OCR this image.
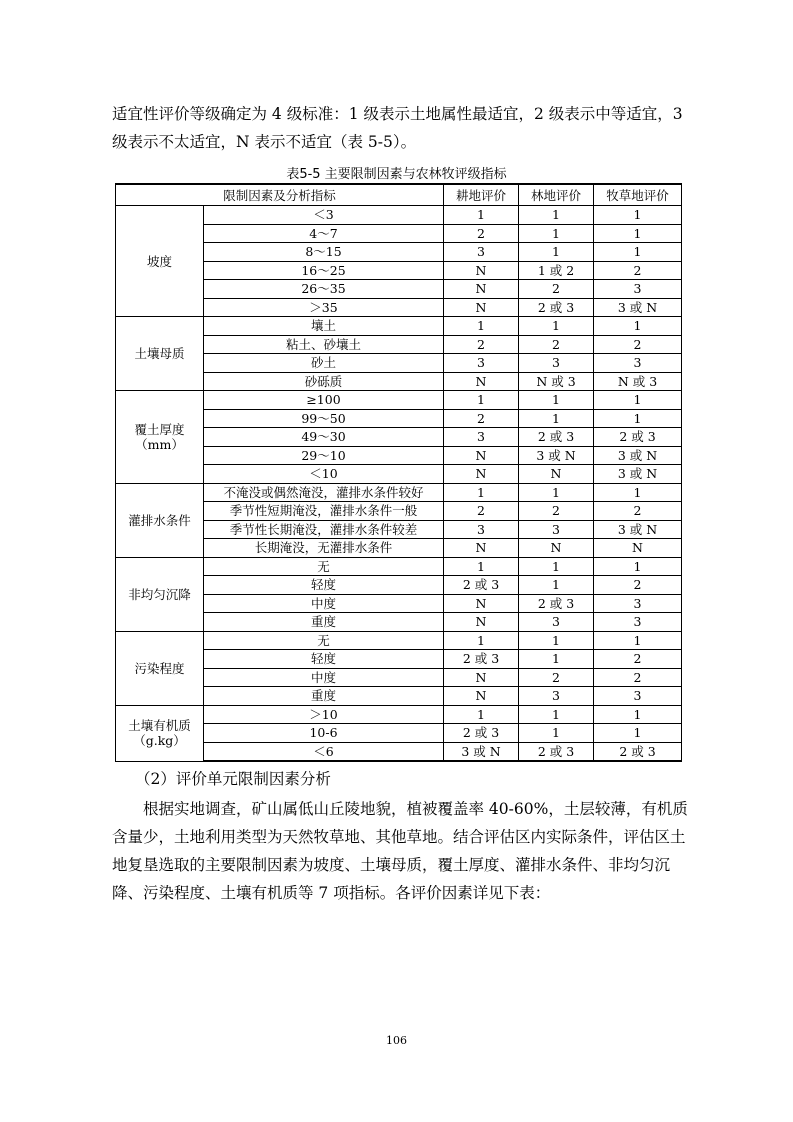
适宜性评价等级确定为 4 级标准：1 级表示土地属性最适宜，2 级表示中等适宜，3 级表示不太适宜，N 表示不适宜（表 5-5）。

表5-5 主要限制因素与农林牧评级指标
限制因素及分析指标		耕地评价	林地评价	牧草地评价
坡度	＜3	1	1	1
	4～7	2	1	1
	8～15	3	1	1
	16～25	N	1 或 2	2
	26～35	N	2	3
	＞35	N	2 或 3	3 或 N
土壤母质	壤土	1	1	1
	粘土、砂壤土	2	2	2
	砂土	3	3	3
	砂砾质	N	N 或 3	N 或 3
覆土厚度（mm）	≥100	1	1	1
	99～50	2	1	1
	49～30	3	2 或 3	2 或 3
	29～10	N	3 或 N	3 或 N
	＜10	N	N	3 或 N
灌排水条件	不淹没或偶然淹没，灌排水条件较好	1	1	1
	季节性短期淹没，灌排水条件一般	2	2	2
	季节性长期淹没，灌排水条件较差	3	3	3 或 N
	长期淹没，无灌排水条件	N	N	N
非均匀沉降	无	1	1	1
	轻度	2 或 3	1	2
	中度	N	2 或 3	3
	重度	N	3	3
污染程度	无	1	1	1
	轻度	2 或 3	1	2
	中度	N	2	2
	重度	N	3	3
土壤有机质（g.kg）	＞10	1	1	1
	10-6	2 或 3	1	1
	＜6	3 或 N	2 或 3	2 或 3

（2）评价单元限制因素分析

根据实地调查，矿山属低山丘陵地貌，植被覆盖率 40-60%，土层较薄，有机质含量少，土地利用类型为天然牧草地、其他草地。结合评估区内实际条件，评估区土地复垦选取的主要限制因素为坡度、土壤母质，覆土厚度、灌排水条件、非均匀沉降、污染程度、土壤有机质等 7 项指标。各评价因素详见下表：

106
